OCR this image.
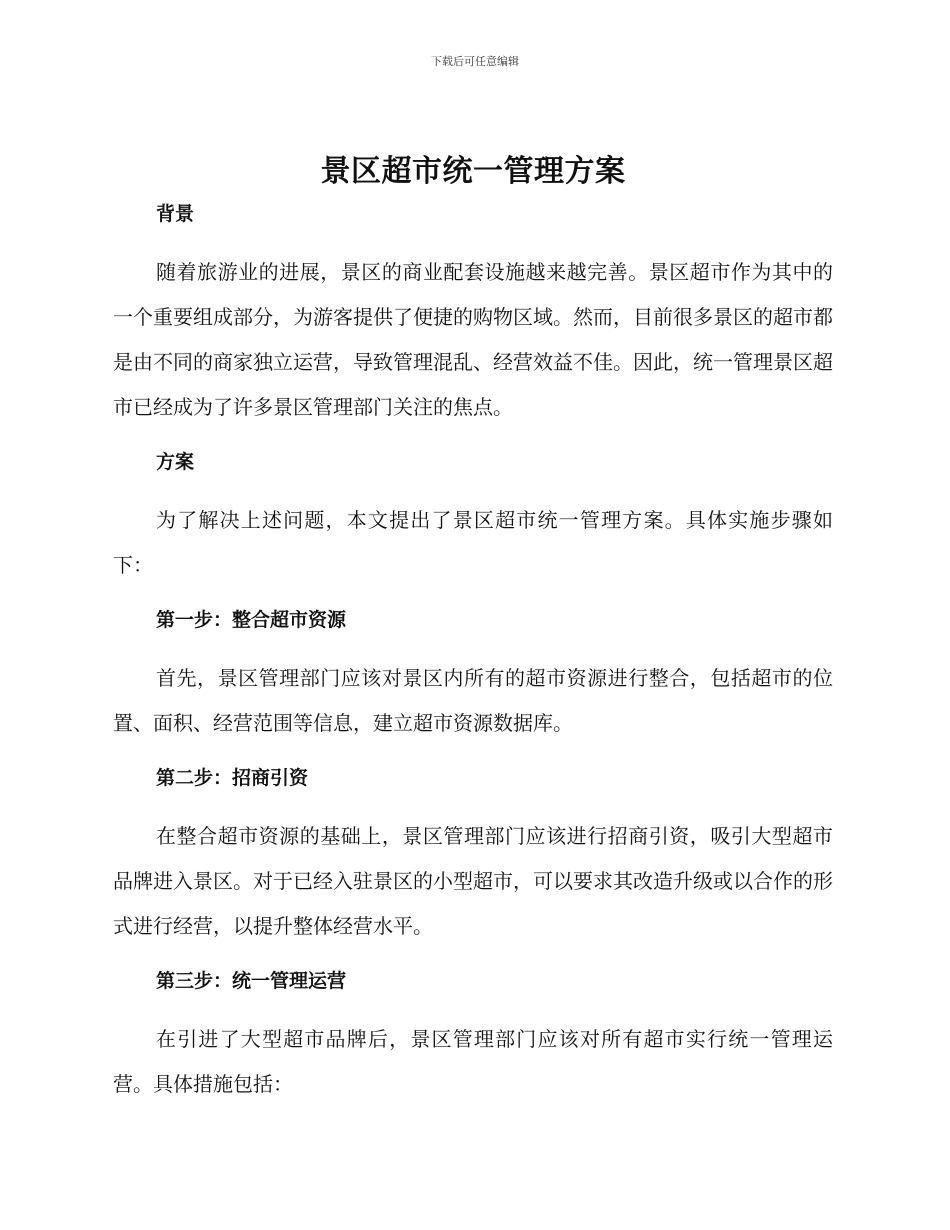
下载后可任意编辑
景区超市统一管理方案
背景

随着旅游业的进展，景区的商业配套设施越来越完善。景区超市作为其中的一个重要组成部分，为游客提供了便捷的购物区域。然而，目前很多景区的超市都是由不同的商家独立运营，导致管理混乱、经营效益不佳。因此，统一管理景区超市已经成为了许多景区管理部门关注的焦点。

方案

为了解决上述问题，本文提出了景区超市统一管理方案。具体实施步骤如下：

第一步：整合超市资源

首先，景区管理部门应该对景区内所有的超市资源进行整合，包括超市的位置、面积、经营范围等信息，建立超市资源数据库。

第二步：招商引资

在整合超市资源的基础上，景区管理部门应该进行招商引资，吸引大型超市品牌进入景区。对于已经入驻景区的小型超市，可以要求其改造升级或以合作的形式进行经营，以提升整体经营水平。

第三步：统一管理运营

在引进了大型超市品牌后，景区管理部门应该对所有超市实行统一管理运营。具体措施包括：
